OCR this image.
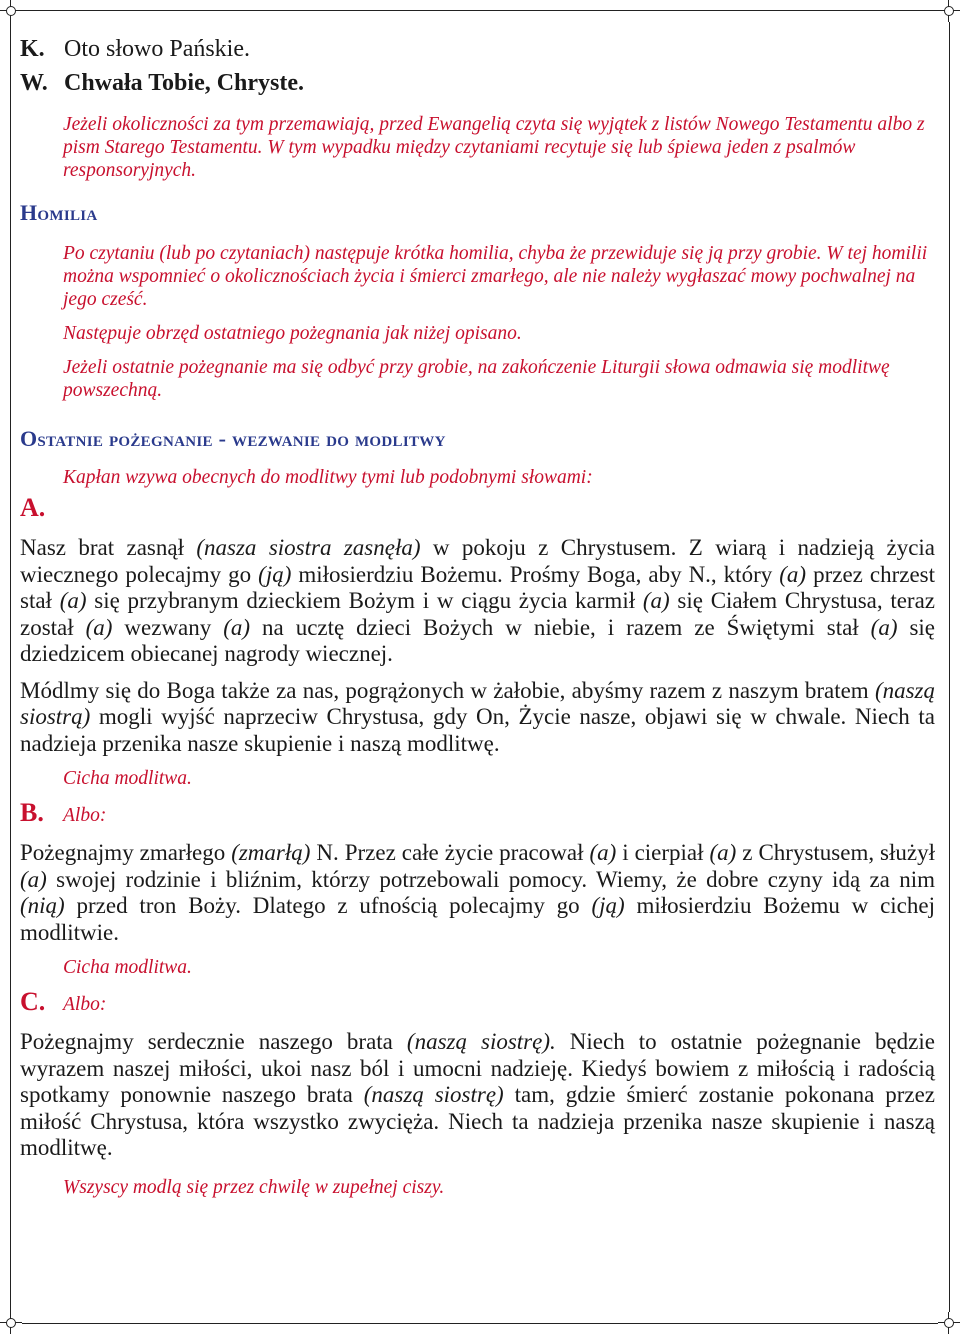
K. Oto słowo Pańskie.

W. Chwała Tobie, Chryste.

Jeżeli okoliczności za tym przemawiają, przed Ewangelią czyta się wyjątek z listów Nowego Testamentu albo z pism Starego Testamentu. W tym wypadku między czytaniami recytuje się lub śpiewa jeden z psalmów responsoryjnych.

Homilia

Po czytaniu (lub po czytaniach) następuje krótka homilia, chyba że przewiduje się ją przy grobie. W tej homilii można wspomnieć o okolicznościach życia i śmierci zmarłego, ale nie należy wygłaszać mowy pochwalnej na jego cześć.

Następuje obrzęd ostatniego pożegnania jak niżej opisano.

Jeżeli ostatnie pożegnanie ma się odbyć przy grobie, na zakończenie Liturgii słowa odmawia się modlitwę powszechną.

Ostatnie pożegnanie - wezwanie do modlitwy

Kapłan wzywa obecnych do modlitwy tymi lub podobnymi słowami:

A.

Nasz brat zasnął (nasza siostra zasnęła) w pokoju z Chrystusem. Z wiarą i nadzieją życia wiecznego polecajmy go (ją) miłosierdziu Bożemu. Prośmy Boga, aby N., który (a) przez chrzest stał (a) się przybranym dzieckiem Bożym i w ciągu życia karmił (a) się Ciałem Chrystusa, teraz został (a) wezwany (a) na ucztę dzieci Bożych w niebie, i razem ze Świętymi stał (a) się dziedzicem obiecanej nagrody wiecznej.

Módlmy się do Boga także za nas, pogrążonych w żałobie, abyśmy razem z naszym bratem (naszą siostrą) mogli wyjść naprzeciw Chrystusa, gdy On, Życie nasze, objawi się w chwale. Niech ta nadzieja przenika nasze skupienie i naszą modlitwę.

Cicha modlitwa.

B. Albo:

Pożegnajmy zmarłego (zmarłą) N. Przez całe życie pracował (a) i cierpiał (a) z Chrystusem, służył (a) swojej rodzinie i bliźnim, którzy potrzebowali pomocy. Wiemy, że dobre czyny idą za nim (nią) przed tron Boży. Dlatego z ufnością polecajmy go (ją) miłosierdziu Bożemu w cichej modlitwie.

Cicha modlitwa.

C. Albo:

Pożegnajmy serdecznie naszego brata (naszą siostrę). Niech to ostatnie pożegnanie będzie wyrazem naszej miłości, ukoi nasz ból i umocni nadzieję. Kiedyś bowiem z miłością i radością spotkamy ponownie naszego brata (naszą siostrę) tam, gdzie śmierć zostanie pokonana przez miłość Chrystusa, która wszystko zwycięża. Niech ta nadzieja przenika nasze skupienie i naszą modlitwę.

Wszyscy modlą się przez chwilę w zupełnej ciszy.
